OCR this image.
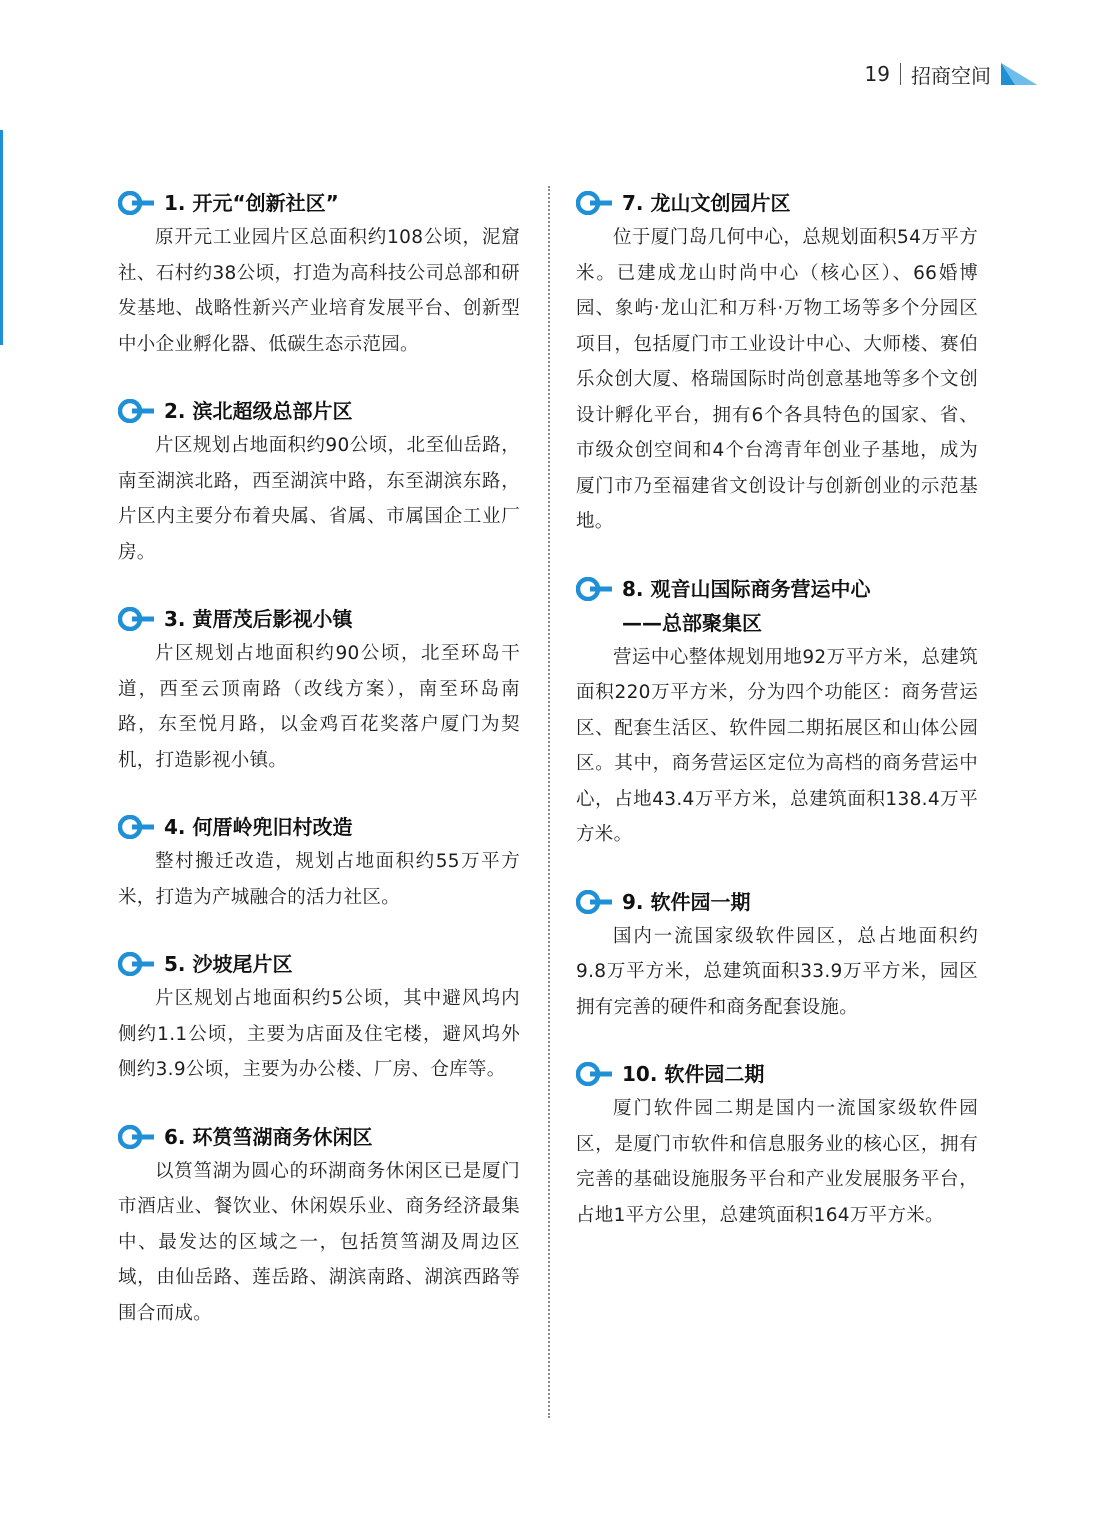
19 招商空间
1. 开元“创新社区”
原开元工业园片区总面积约108公顷，泥窟社、石村约38公顷，打造为高科技公司总部和研发基地、战略性新兴产业培育发展平台、创新型中小企业孵化器、低碳生态示范园。
2. 滨北超级总部片区
片区规划占地面积约90公顷，北至仙岳路，南至湖滨北路，西至湖滨中路，东至湖滨东路，片区内主要分布着央属、省属、市属国企工业厂房。
3. 黄厝茂后影视小镇
片区规划占地面积约90公顷，北至环岛干道，西至云顶南路（改线方案），南至环岛南路，东至悦月路，以金鸡百花奖落户厦门为契机，打造影视小镇。
4. 何厝岭兜旧村改造
整村搬迁改造，规划占地面积约55万平方米，打造为产城融合的活力社区。
5. 沙坡尾片区
片区规划占地面积约5公顷，其中避风坞内侧约1.1公顷，主要为店面及住宅楼，避风坞外侧约3.9公顷，主要为办公楼、厂房、仓库等。
6. 环筼筜湖商务休闲区
以筼筜湖为圆心的环湖商务休闲区已是厦门市酒店业、餐饮业、休闲娱乐业、商务经济最集中、最发达的区域之一，包括筼筜湖及周边区域，由仙岳路、莲岳路、湖滨南路、湖滨西路等围合而成。
7. 龙山文创园片区
位于厦门岛几何中心，总规划面积54万平方米。已建成龙山时尚中心（核心区）、66婚博园、象屿·龙山汇和万科·万物工场等多个分园区项目，包括厦门市工业设计中心、大师楼、赛伯乐众创大厦、格瑞国际时尚创意基地等多个文创设计孵化平台，拥有6个各具特色的国家、省、市级众创空间和4个台湾青年创业子基地，成为厦门市乃至福建省文创设计与创新创业的示范基地。
8. 观音山国际商务营运中心
——总部聚集区
营运中心整体规划用地92万平方米，总建筑面积220万平方米，分为四个功能区：商务营运区、配套生活区、软件园二期拓展区和山体公园区。其中，商务营运区定位为高档的商务营运中心，占地43.4万平方米，总建筑面积138.4万平方米。
9. 软件园一期
国内一流国家级软件园区，总占地面积约9.8万平方米，总建筑面积33.9万平方米，园区拥有完善的硬件和商务配套设施。
10. 软件园二期
厦门软件园二期是国内一流国家级软件园区，是厦门市软件和信息服务业的核心区，拥有完善的基础设施服务平台和产业发展服务平台，占地1平方公里，总建筑面积164万平方米。
